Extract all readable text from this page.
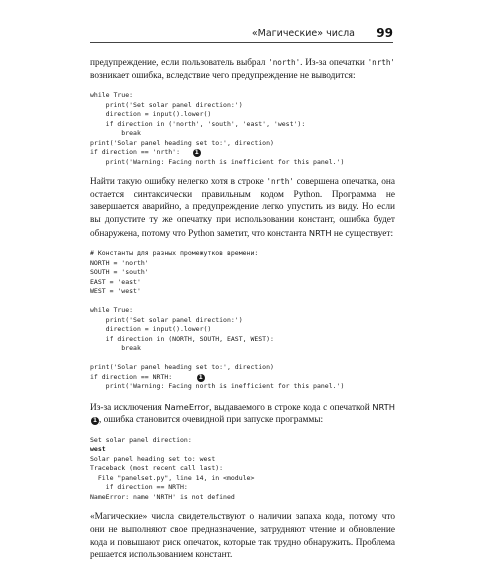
«Магические» числа 99

предупреждение, если пользователь выбрал 'north'. Из-за опечатки 'nrth' возникает ошибка, вследствие чего предупреждение не выводится:

while True:
print('Set solar panel direction:')
direction = input().lower()
if direction in ('north', 'south', 'east', 'west'):
break
print('Solar panel heading set to:', direction)
if direction == 'nrth': 1
print('Warning: Facing north is inefficient for this panel.')

Найти такую ошибку нелегко хотя в строке 'nrth' совершена опечатка, она остается синтаксически правильным кодом Python. Программа не завершается аварийно, а предупреждение легко упустить из виду. Но если вы допустите ту же опечатку при использовании констант, ошибка будет обнаружена, потому что Python заметит, что константа NRTH не существует:

# Константы для разных промежутков времени:
NORTH = 'north'
SOUTH = 'south'
EAST = 'east'
WEST = 'west'
while True:
print('Set solar panel direction:')
direction = input().lower()
if direction in (NORTH, SOUTH, EAST, WEST):
break
print('Solar panel heading set to:', direction)
if direction == NRTH:	1
print('Warning: Facing north is inefficient for this panel.')

Из-за исключения NameError, выдаваемого в строке кода с опечаткой NRTH1 , ошибка становится очевидной при запуске программы:

Set solar panel direction:
west
Solar panel heading set to: west
Traceback (most recent call last):
File "panelset.py", line 14, in <module>
if direction == NRTH:
NameError: name 'NRTH' is not defined

«Магические» числа свидетельствуют о наличии запаха кода, потому что они не выполняют свое предназначение, затрудняют чтение и обновление кода и повышают риск опечаток, которые так трудно обнаружить. Проблема решается использованием констант.
